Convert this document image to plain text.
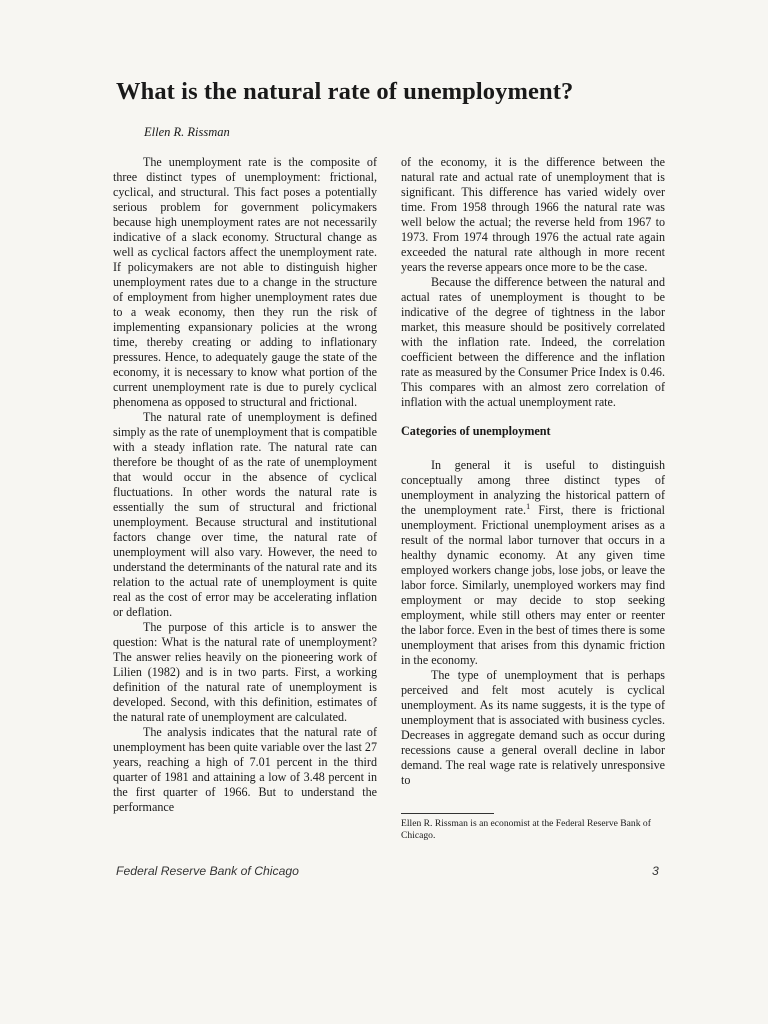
What is the natural rate of unemployment?
Ellen R. Rissman

The unemployment rate is the composite of three distinct types of unemployment: frictional, cyclical, and structural. This fact poses a potentially serious problem for government policymakers because high unemployment rates are not necessarily indicative of a slack economy. Structural change as well as cyclical factors affect the unemployment rate. If policymakers are not able to distinguish higher unemployment rates due to a change in the structure of employment from higher unemployment rates due to a weak economy, then they run the risk of implementing expansionary policies at the wrong time, thereby creating or adding to inflationary pressures. Hence, to adequately gauge the state of the economy, it is necessary to know what portion of the current unemployment rate is due to purely cyclical phenomena as opposed to structural and frictional.

The natural rate of unemployment is defined simply as the rate of unemployment that is compatible with a steady inflation rate. The natural rate can therefore be thought of as the rate of unemployment that would occur in the absence of cyclical fluctuations. In other words the natural rate is essentially the sum of structural and frictional unemployment. Because structural and institutional factors change over time, the natural rate of unemployment will also vary. However, the need to understand the determinants of the natural rate and its relation to the actual rate of unemployment is quite real as the cost of error may be accelerating inflation or deflation.

The purpose of this article is to answer the question: What is the natural rate of unemployment? The answer relies heavily on the pioneering work of Lilien (1982) and is in two parts. First, a working definition of the natural rate of unemployment is developed. Second, with this definition, estimates of the natural rate of unemployment are calculated.

The analysis indicates that the natural rate of unemployment has been quite variable over the last 27 years, reaching a high of 7.01 percent in the third quarter of 1981 and attaining a low of 3.48 percent in the first quarter of 1966. But to understand the performance

of the economy, it is the difference between the natural rate and actual rate of unemployment that is significant. This difference has varied widely over time. From 1958 through 1966 the natural rate was well below the actual; the reverse held from 1967 to 1973. From 1974 through 1976 the actual rate again exceeded the natural rate although in more recent years the reverse appears once more to be the case.

Because the difference between the natural and actual rates of unemployment is thought to be indicative of the degree of tightness in the labor market, this measure should be positively correlated with the inflation rate. Indeed, the correlation coefficient between the difference and the inflation rate as measured by the Consumer Price Index is 0.46. This compares with an almost zero correlation of inflation with the actual unemployment rate.

Categories of unemployment

In general it is useful to distinguish conceptually among three distinct types of unemployment in analyzing the historical pattern of the unemployment rate.$^1$ First, there is frictional unemployment. Frictional unemployment arises as a result of the normal labor turnover that occurs in a healthy dynamic economy. At any given time employed workers change jobs, lose jobs, or leave the labor force. Similarly, unemployed workers may find employment or may decide to stop seeking employment, while still others may enter or reenter the labor force. Even in the best of times there is some unemployment that arises from this dynamic friction in the economy.

The type of unemployment that is perhaps perceived and felt most acutely is cyclical unemployment. As its name suggests, it is the type of unemployment that is associated with business cycles. Decreases in aggregate demand such as occur during recessions cause a general overall decline in labor demand. The real wage rate is relatively unresponsive to

Ellen R. Rissman is an economist at the Federal Reserve Bank of Chicago.
Federal Reserve Bank of Chicago	3
